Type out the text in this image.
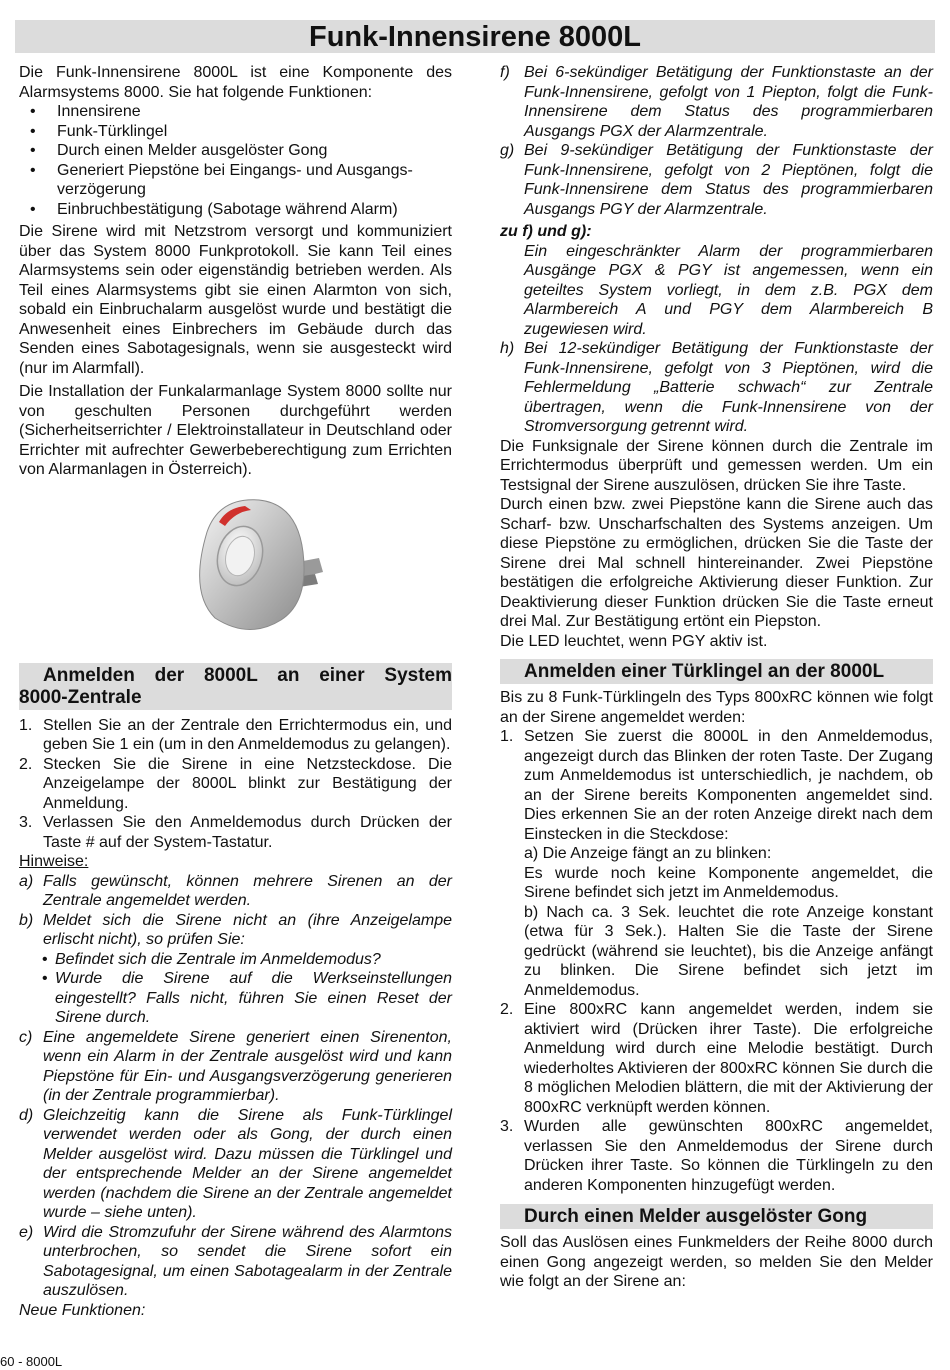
Funk-Innensirene 8000L

Die Funk-Innensirene 8000L ist eine Komponente des Alarmsystems 8000. Sie hat folgende Funktionen:

• Innensirene
• Funk-Türklingel
• Durch einen Melder ausgelöster Gong
• Generiert Piepstöne bei Eingangs- und Ausgangs-verzögerung
• Einbruchbestätigung (Sabotage während Alarm)

Die Sirene wird mit Netzstrom versorgt und kommuniziert über das System 8000 Funkprotokoll. Sie kann Teil eines Alarmsystems sein oder eigenständig betrieben werden. Als Teil eines Alarmsystems gibt sie einen Alarmton von sich, sobald ein Einbruchalarm ausgelöst wurde und bestätigt die Anwesenheit eines Einbrechers im Gebäude durch das Senden eines Sabotagesignals, wenn sie ausgesteckt wird (nur im Alarmfall).

Die Installation der Funkalarmanlage System 8000 sollte nur von geschulten Personen durchgeführt werden (Sicherheitserrichter / Elektroinstallateur in Deutschland oder Errichter mit aufrechter Gewerbeberechtigung zum Errichten von Alarmanlagen in Österreich).

Anmelden der 8000L an einer System
8000-Zentrale
1. Stellen Sie an der Zentrale den Errichtermodus ein, und geben Sie 1 ein (um in den Anmeldemodus zu gelangen).
2. Stecken Sie die Sirene in eine Netzsteckdose. Die Anzeigelampe der 8000L blinkt zur Bestätigung der Anmeldung.
3. Verlassen Sie den Anmeldemodus durch Drücken der Taste # auf der System-Tastatur.

Hinweise:

a) Falls gewünscht, können mehrere Sirenen an der Zentrale angemeldet werden.
b) Meldet sich die Sirene nicht an (ihre Anzeigelampe erlischt nicht), so prüfen Sie:
• Befindet sich die Zentrale im Anmeldemodus?
• Wurde die Sirene auf die Werkseinstellungen eingestellt? Falls nicht, führen Sie einen Reset der Sirene durch.
c) Eine angemeldete Sirene generiert einen Sirenenton, wenn ein Alarm in der Zentrale ausgelöst wird und kann Piepstöne für Ein- und Ausgangsverzögerung generieren (in der Zentrale programmierbar).
d) Gleichzeitig kann die Sirene als Funk-Türklingel verwendet werden oder als Gong, der durch einen Melder ausgelöst wird. Dazu müssen die Türklingel und der entsprechende Melder an der Sirene angemeldet werden (nachdem die Sirene an der Zentrale angemeldet wurde – siehe unten).
e) Wird die Stromzufuhr der Sirene während des Alarmtons unterbrochen, so sendet die Sirene sofort ein Sabotagesignal, um einen Sabotagealarm in der Zentrale auszulösen.

Neue Funktionen:

f) Bei 6-sekündiger Betätigung der Funktionstaste an der Funk-Innensirene, gefolgt von 1 Piepton, folgt die Funk-Innensirene dem Status des programmierbaren Ausgangs PGX der Alarmzentrale.
g) Bei 9-sekündiger Betätigung der Funktionstaste der Funk-Innensirene, gefolgt von 2 Pieptönen, folgt die Funk-Innensirene dem Status des programmierbaren Ausgangs PGY der Alarmzentrale.

zu f) und g):

Ein eingeschränkter Alarm der programmierbaren Ausgänge PGX & PGY ist angemessen, wenn ein geteiltes System vorliegt, in dem z.B. PGX dem Alarmbereich A und PGY dem Alarmbereich B zugewiesen wird.

h) Bei 12-sekündiger Betätigung der Funktionstaste der Funk-Innensirene, gefolgt von 3 Pieptönen, wird die Fehlermeldung „Batterie schwach“ zur Zentrale übertragen, wenn die Funk-Innensirene von der Stromversorgung getrennt wird.

Die Funksignale der Sirene können durch die Zentrale im Errichtermodus überprüft und gemessen werden. Um ein Testsignal der Sirene auszulösen, drücken Sie ihre Taste.

Durch einen bzw. zwei Piepstöne kann die Sirene auch das Scharf- bzw. Unscharfschalten des Systems anzeigen. Um diese Piepstöne zu ermöglichen, drücken Sie die Taste der Sirene drei Mal schnell hintereinander. Zwei Piepstöne bestätigen die erfolgreiche Aktivierung dieser Funktion. Zur Deaktivierung dieser Funktion drücken Sie die Taste erneut drei Mal. Zur Bestätigung ertönt ein Piepston.

Die LED leuchtet, wenn PGY aktiv ist.

Anmelden einer Türklingel an der 8000L

Bis zu 8 Funk-Türklingeln des Typs 800xRC können wie folgt an der Sirene angemeldet werden:

1. Setzen Sie zuerst die 8000L in den Anmeldemodus, angezeigt durch das Blinken der roten Taste. Der Zugang zum Anmeldemodus ist unterschiedlich, je nachdem, ob an der Sirene bereits Komponenten angemeldet sind. Dies erkennen Sie an der roten Anzeige direkt nach dem Einstecken in die Steckdose:

a) Die Anzeige fängt an zu blinken:

Es wurde noch keine Komponente angemeldet, die Sirene befindet sich jetzt im Anmeldemodus.

b) Nach ca. 3 Sek. leuchtet die rote Anzeige konstant (etwa für 3 Sek.). Halten Sie die Taste der Sirene gedrückt (während sie leuchtet), bis die Anzeige anfängt zu blinken. Die Sirene befindet sich jetzt im Anmeldemodus.

2. Eine 800xRC kann angemeldet werden, indem sie aktiviert wird (Drücken ihrer Taste). Die erfolgreiche Anmeldung wird durch eine Melodie bestätigt. Durch wiederholtes Aktivieren der 800xRC können Sie durch die 8 möglichen Melodien blättern, die mit der Aktivierung der 800xRC verknüpft werden können.
3. Wurden alle gewünschten 800xRC angemeldet, verlassen Sie den Anmeldemodus der Sirene durch Drücken ihrer Taste. So können die Türklingeln zu den anderen Komponenten hinzugefügt werden.
Durch einen Melder ausgelöster Gong

Soll das Auslösen eines Funkmelders der Reihe 8000 durch einen Gong angezeigt werden, so melden Sie den Melder wie folgt an der Sirene an:

60 - 8000L
